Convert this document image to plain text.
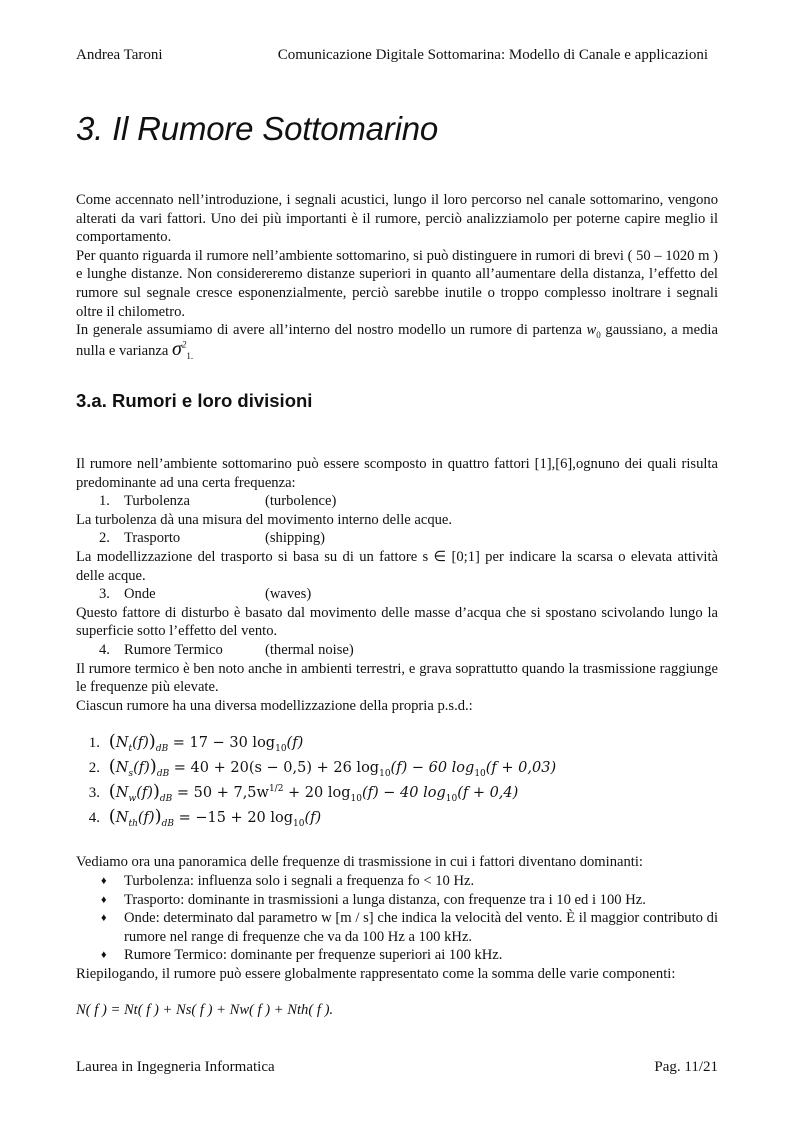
Andrea Taroni	Comunicazione Digitale Sottomarina: Modello di Canale e applicazioni
3. Il Rumore Sottomarino
Come accennato nell’introduzione, i segnali acustici, lungo il loro percorso nel canale sottomarino, vengono alterati da vari fattori. Uno dei più importanti è il rumore, perciò analizziamolo per poterne capire meglio il comportamento.
Per quanto riguarda il rumore nell’ambiente sottomarino, si può distinguere in rumori di brevi ( 50 – 1020 m ) e lunghe distanze. Non considereremo distanze superiori in quanto all’aumentare della distanza, l’effetto del rumore sul segnale cresce esponenzialmente, perciò sarebbe inutile o troppo complesso inoltrare i segnali oltre il chilometro.
In generale assumiamo di avere all’interno del nostro modello un rumore di partenza $w_0$ gaussiano, a media nulla e varianza $\sigma^2_{1.}$
3.a. Rumori e loro divisioni
Il rumore nell’ambiente sottomarino può essere scomposto in quattro fattori [1],[6],ognuno dei quali risulta predominante ad una certa frequenza:
1. Turbolenza	(turbolence)
La turbolenza dà una misura del movimento interno delle acque.
2. Trasporto	(shipping)
La modellizzazione del trasporto si basa su di un fattore s ∈ [0;1] per indicare la scarsa o elevata attività delle acque.
3. Onde	(waves)
Questo fattore di disturbo è basato dal movimento delle masse d’acqua che si spostano scivolando lungo la superficie sotto l’effetto del vento.
4. Rumore Termico	(thermal noise)
Il rumore termico è ben noto anche in ambienti terrestri, e grava soprattutto quando la trasmissione raggiunge le frequenze più elevate.
Ciascun rumore ha una diversa modellizzazione della propria p.s.d.:
1. $(N_t(f))_{dB} = 17 - 30$ $\log_{10}(f)$
2. $(N_s(f))_{dB} = 40 + 20(s - 0,5) + 26$ $\log_{10}(f) - 60$ $\log_{10}(f + 0,03)$
3. $(N_w(f))_{dB} = 50 + 7,5w^{1/2} + 20$ $\log_{10}(f) - 40$ $\log_{10}(f + 0,4)$
4. $(N_{th}(f))_{dB} = -15 + 20$ $\log_{10}(f)$
Vediamo ora una panoramica delle frequenze di trasmissione in cui i fattori diventano dominanti:
♦ Turbolenza: influenza solo i segnali a frequenza fo < 10 Hz.
♦ Trasporto: dominante in trasmissioni a lunga distanza, con frequenze tra i 10 ed i 100 Hz.
♦ Onde: determinato dal parametro w [m / s] che indica la velocità del vento. È il maggior contributo di rumore nel range di frequenze che va da 100 Hz a 100 kHz.
♦ Rumore Termico: dominante per frequenze superiori ai 100 kHz.
Riepilogando, il rumore può essere globalmente rappresentato come la somma delle varie componenti:
N( f ) = Nt( f ) + Ns( f ) + Nw( f ) + Nth( f ).
Laurea in Ingegneria Informatica	Pag. 11/21
